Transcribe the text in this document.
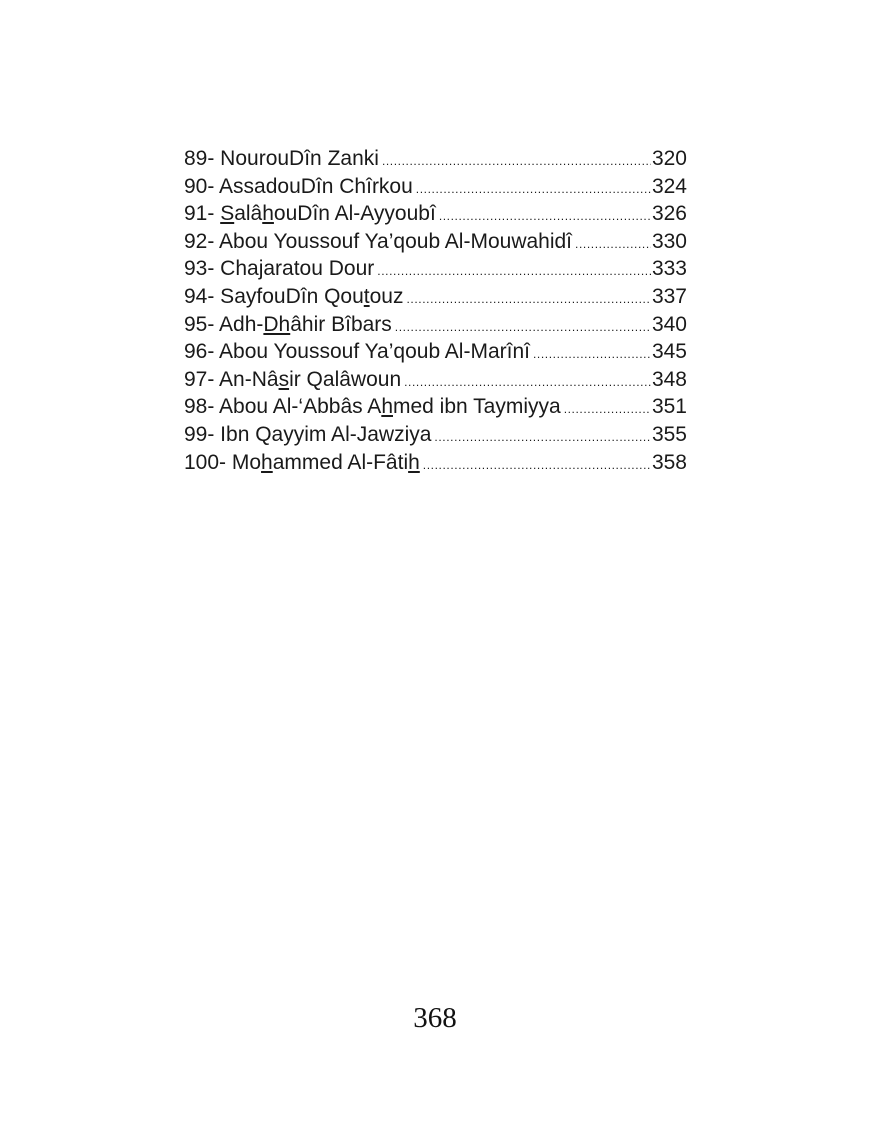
89- NourouDîn Zanki .....	320
90- AssadouDîn Chîrkou .....	324
91- SalâhouDîn Al-Ayyoubî .....	326
92- Abou Youssouf Ya’qoub Al-Mouwahidî .....	330
93- Chajaratou Dour .....	333
94- SayfouDîn Qoutouz .....	337
95- Adh-Dhâhir Bîbars .....	340
96- Abou Youssouf Ya’qoub Al-Marînî .....	345
97- An-Nâsir Qalâwoun .....	348
98- Abou Al-‘Abbâs Ahmed ibn Taymiyya .....	351
99- Ibn Qayyim Al-Jawziya .....	355
100- Mohammed Al-Fâtih .....	358
368
